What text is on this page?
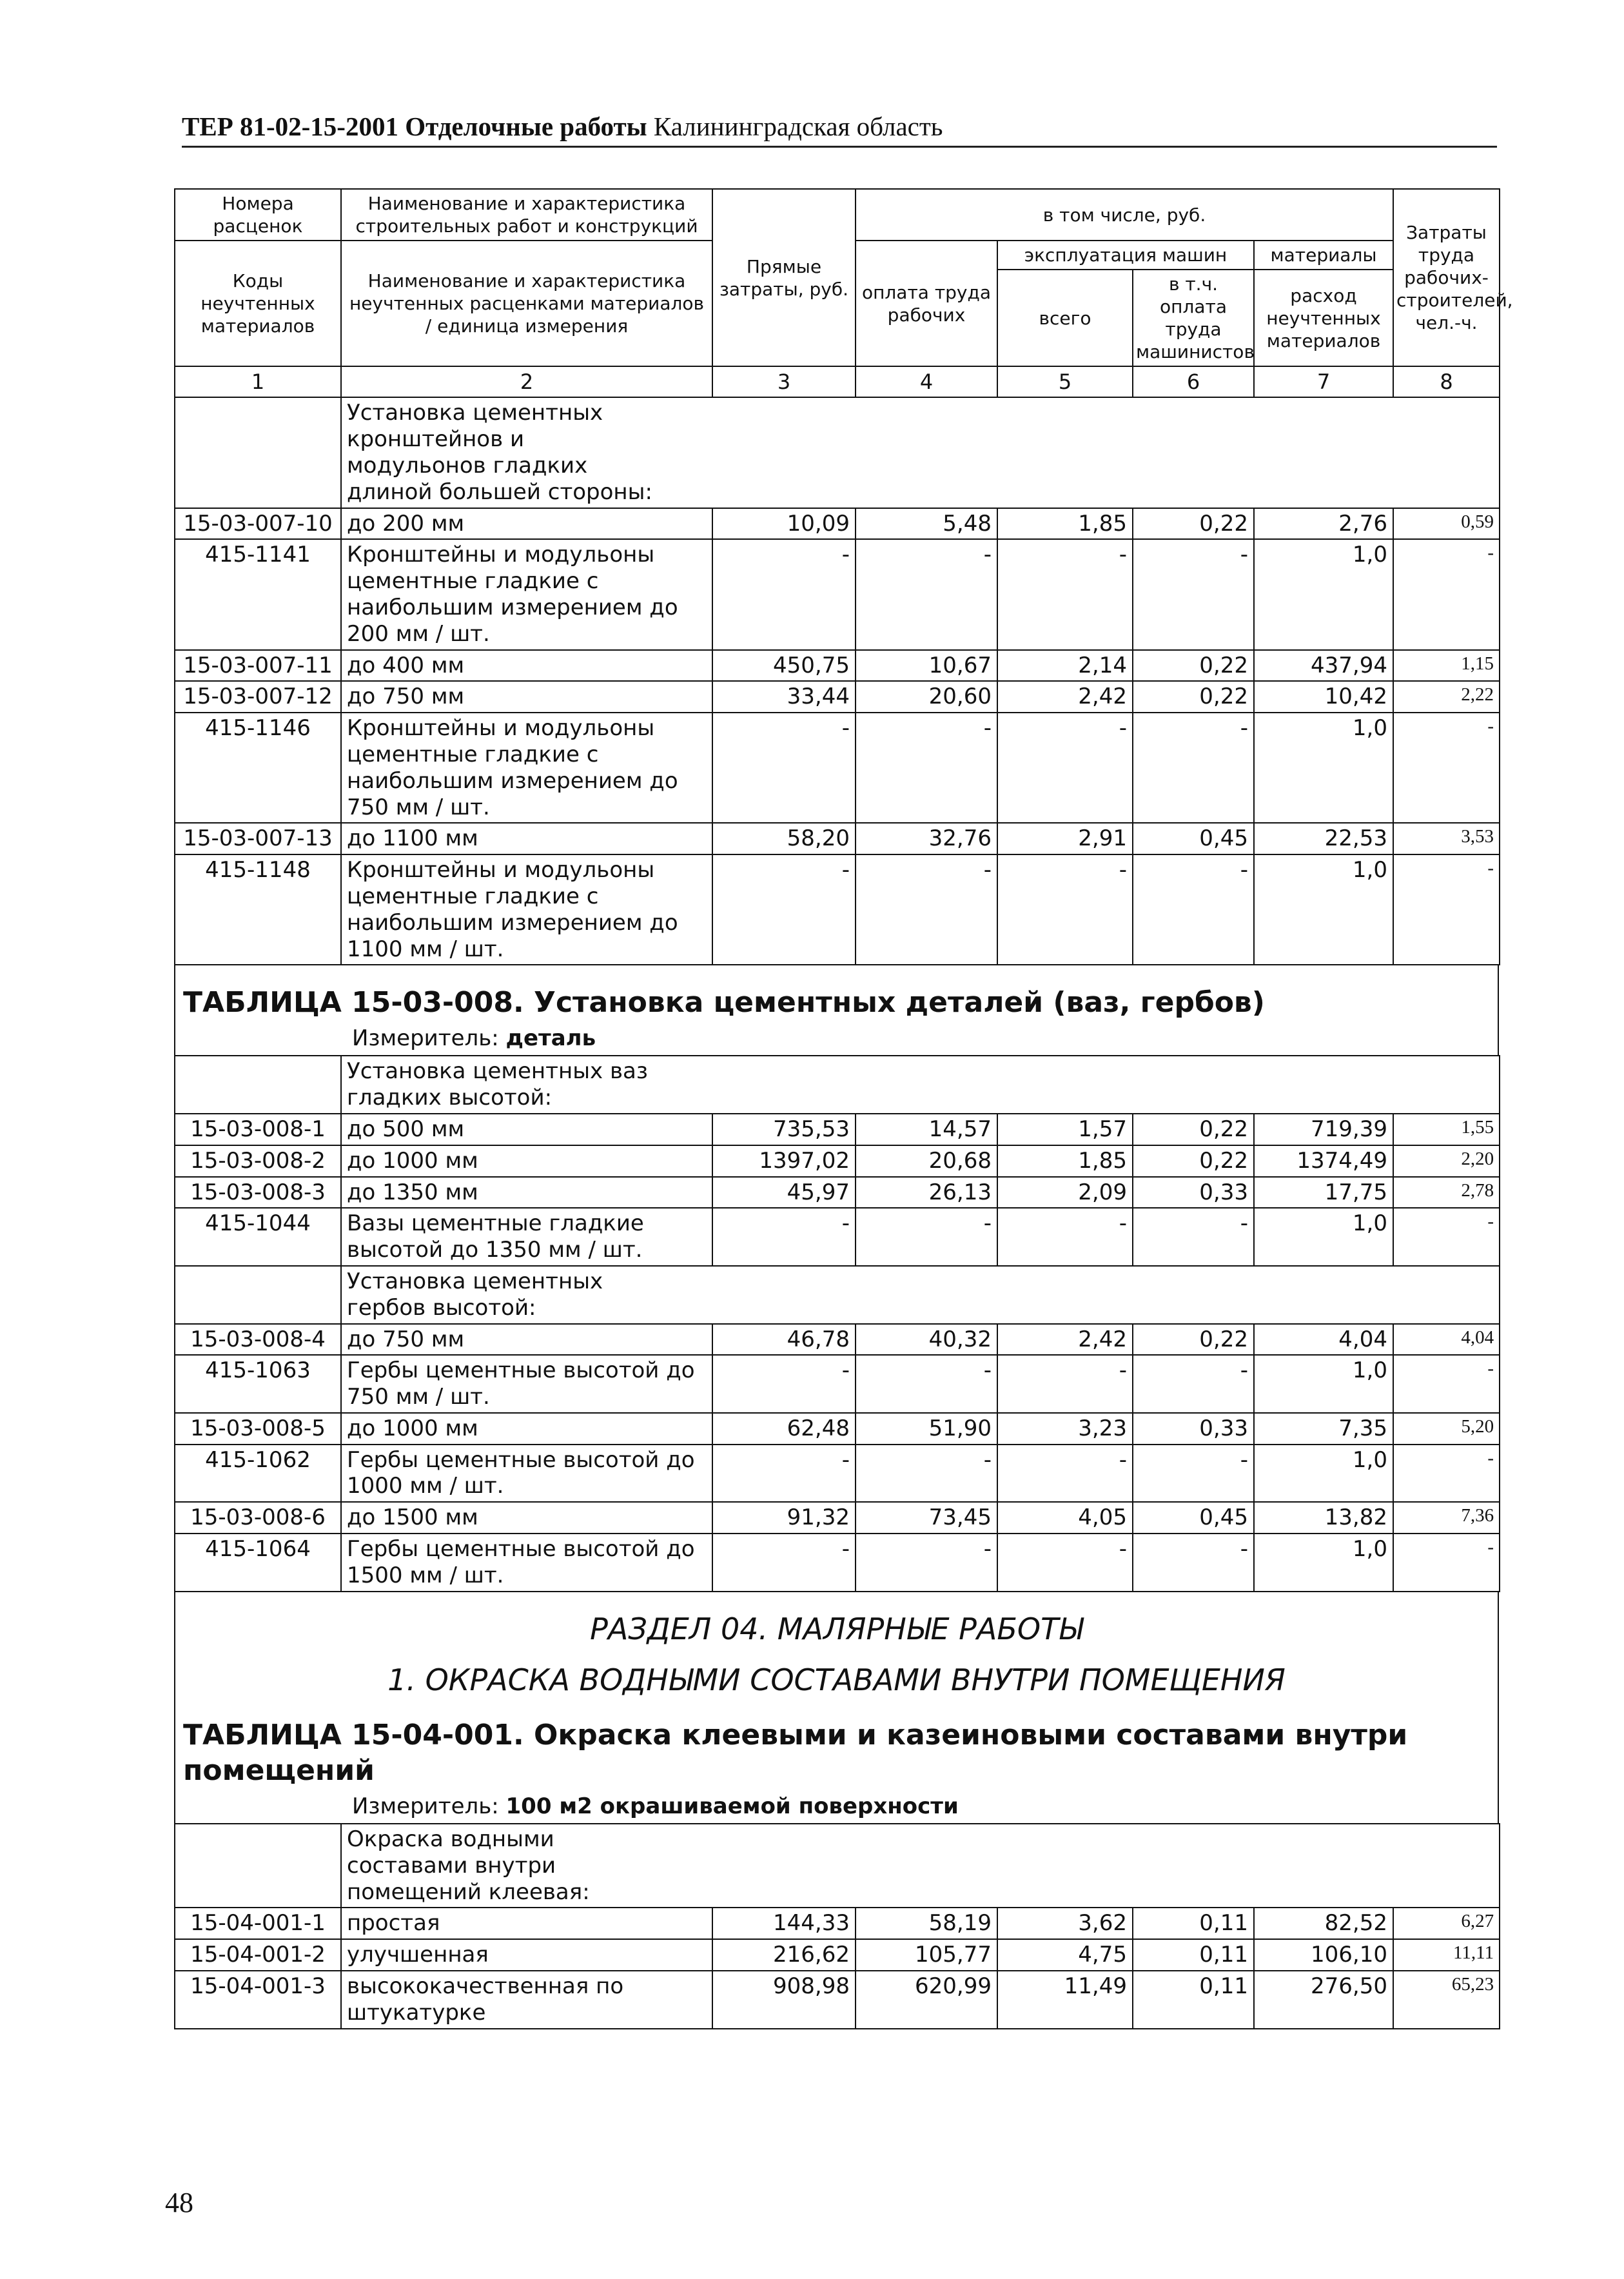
ТЕР 81-02-15-2001 Отделочные работы Калининградская область
Номера расценок	Наименование и характеристика строительных работ и конструкций	Прямые затраты, руб.	в том числе, руб.				Затраты труда рабочих-строителей, чел.-ч.
Коды неучтенных материалов	Наименование и характеристика неучтенных расценками материалов / единица измерения		оплата труда рабочих	эксплуатация машин		материалы	
				всего	в т.ч. оплата труда машинистов	расход неучтенных материалов	
1	2	3	4	5	6	7	8
	Установка цементных кронштейнов и модульонов гладких длиной большей стороны:						
15-03-007-10	до 200 мм	10,09	5,48	1,85	0,22	2,76	0,59
415-1141	Кронштейны и модульоны цементные гладкие с наибольшим измерением до 200 мм / шт.	-	-	-	-	1,0	-
15-03-007-11	до 400 мм	450,75	10,67	2,14	0,22	437,94	1,15
15-03-007-12	до 750 мм	33,44	20,60	2,42	0,22	10,42	2,22
415-1146	Кронштейны и модульоны цементные гладкие с наибольшим измерением до 750 мм / шт.	-	-	-	-	1,0	-
15-03-007-13	до 1100 мм	58,20	32,76	2,91	0,45	22,53	3,53
415-1148	Кронштейны и модульоны цементные гладкие с наибольшим измерением до 1100 мм / шт.	-	-	-	-	1,0	-
ТАБЛИЦА 15-03-008. Установка цементных деталей (ваз, гербов)
Измеритель: деталь
	Установка цементных ваз гладких высотой:						
15-03-008-1	до 500 мм	735,53	14,57	1,57	0,22	719,39	1,55
15-03-008-2	до 1000 мм	1397,02	20,68	1,85	0,22	1374,49	2,20
15-03-008-3	до 1350 мм	45,97	26,13	2,09	0,33	17,75	2,78
415-1044	Вазы цементные гладкие высотой до 1350 мм / шт.	-	-	-	-	1,0	-
	Установка цементных гербов высотой:						
15-03-008-4	до 750 мм	46,78	40,32	2,42	0,22	4,04	4,04
415-1063	Гербы цементные высотой до 750 мм / шт.	-	-	-	-	1,0	-
15-03-008-5	до 1000 мм	62,48	51,90	3,23	0,33	7,35	5,20
415-1062	Гербы цементные высотой до 1000 мм / шт.	-	-	-	-	1,0	-
15-03-008-6	до 1500 мм	91,32	73,45	4,05	0,45	13,82	7,36
415-1064	Гербы цементные высотой до 1500 мм / шт.	-	-	-	-	1,0	-
РАЗДЕЛ 04. МАЛЯРНЫЕ РАБОТЫ
1. ОКРАСКА ВОДНЫМИ СОСТАВАМИ ВНУТРИ ПОМЕЩЕНИЯ
ТАБЛИЦА 15-04-001. Окраска клеевыми и казеиновыми составами внутри помещений
Измеритель: 100 м2 окрашиваемой поверхности
	Окраска водными составами внутри помещений клеевая:						
15-04-001-1	простая	144,33	58,19	3,62	0,11	82,52	6,27
15-04-001-2	улучшенная	216,62	105,77	4,75	0,11	106,10	11,11
15-04-001-3	высококачественная по штукатурке	908,98	620,99	11,49	0,11	276,50	65,23
48
